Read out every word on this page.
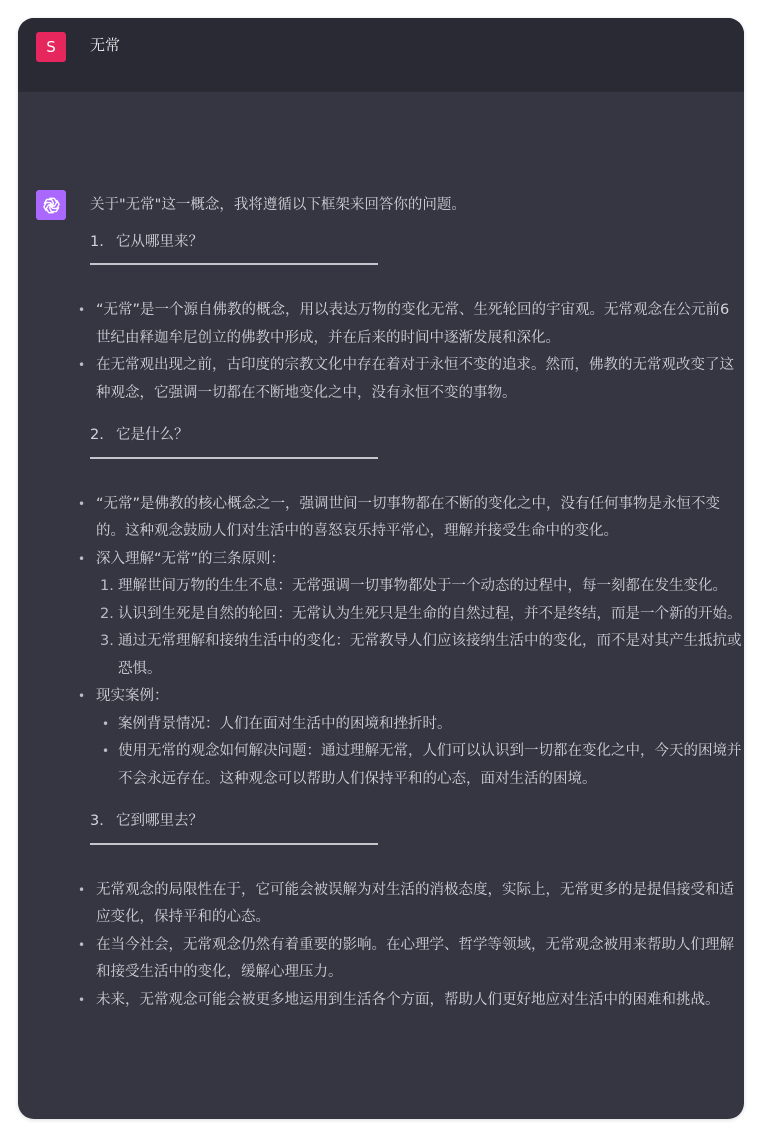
S	无常

关于"无常"这一概念，我将遵循以下框架来回答你的问题。

1. 它从哪里来？
• “无常”是一个源自佛教的概念，用以表达万物的变化无常、生死轮回的宇宙观。无常观念在公元前6世纪由释迦牟尼创立的佛教中形成，并在后来的时间中逐渐发展和深化。
• 在无常观出现之前，古印度的宗教文化中存在着对于永恒不变的追求。然而，佛教的无常观改变了这种观念，它强调一切都在不断地变化之中，没有永恒不变的事物。
2. 它是什么？
• “无常”是佛教的核心概念之一，强调世间一切事物都在不断的变化之中，没有任何事物是永恒不变的。这种观念鼓励人们对生活中的喜怒哀乐持平常心，理解并接受生命中的变化。
• 深入理解“无常”的三条原则：
1. 理解世间万物的生生不息：无常强调一切事物都处于一个动态的过程中，每一刻都在发生变化。
2. 认识到生死是自然的轮回：无常认为生死只是生命的自然过程，并不是终结，而是一个新的开始。
3. 通过无常理解和接纳生活中的变化：无常教导人们应该接纳生活中的变化，而不是对其产生抵抗或恐惧。
• 现实案例：
• 案例背景情况：人们在面对生活中的困境和挫折时。
• 使用无常的观念如何解决问题：通过理解无常，人们可以认识到一切都在变化之中，今天的困境并不会永远存在。这种观念可以帮助人们保持平和的心态，面对生活的困境。
3. 它到哪里去？
• 无常观念的局限性在于，它可能会被误解为对生活的消极态度，实际上，无常更多的是提倡接受和适应变化，保持平和的心态。
• 在当今社会，无常观念仍然有着重要的影响。在心理学、哲学等领域，无常观念被用来帮助人们理解和接受生活中的变化，缓解心理压力。
• 未来，无常观念可能会被更多地运用到生活各个方面，帮助人们更好地应对生活中的困难和挑战。
